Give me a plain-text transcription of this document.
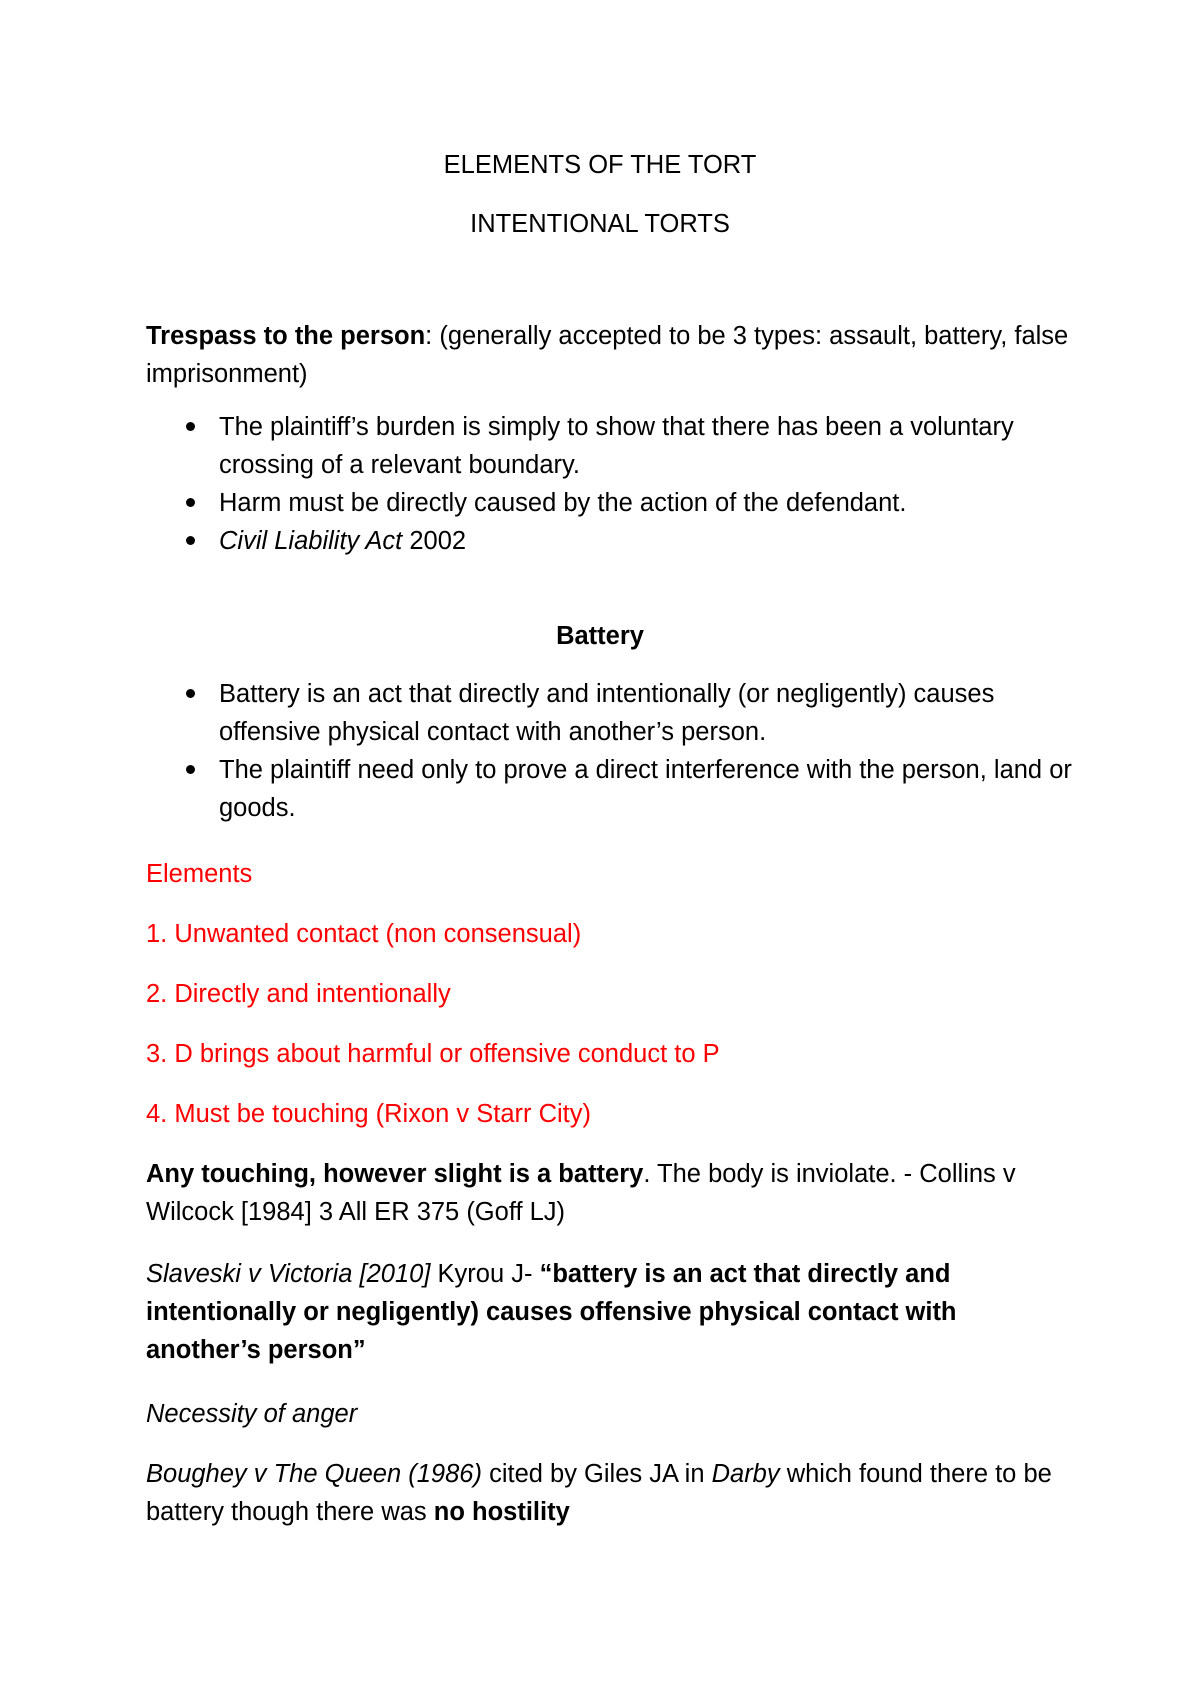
ELEMENTS OF THE TORT

INTENTIONAL TORTS

Trespass to the person: (generally accepted to be 3 types: assault, battery, false imprisonment)

The plaintiff’s burden is simply to show that there has been a voluntary crossing of a relevant boundary.
Harm must be directly caused by the action of the defendant.
Civil Liability Act 2002

Battery

Battery is an act that directly and intentionally (or negligently) causes offensive physical contact with another’s person.
The plaintiff need only to prove a direct interference with the person, land or goods.

Elements

1. Unwanted contact (non consensual)

2. Directly and intentionally

3. D brings about harmful or offensive conduct to P

4. Must be touching (Rixon v Starr City)

Any touching, however slight is a battery. The body is inviolate. - Collins v Wilcock [1984] 3 All ER 375 (Goff LJ)

Slaveski v Victoria [2010] Kyrou J- “battery is an act that directly and intentionally or negligently) causes offensive physical contact with another’s person”

Necessity of anger

Boughey v The Queen (1986) cited by Giles JA in Darby which found there to be battery though there was no hostility
